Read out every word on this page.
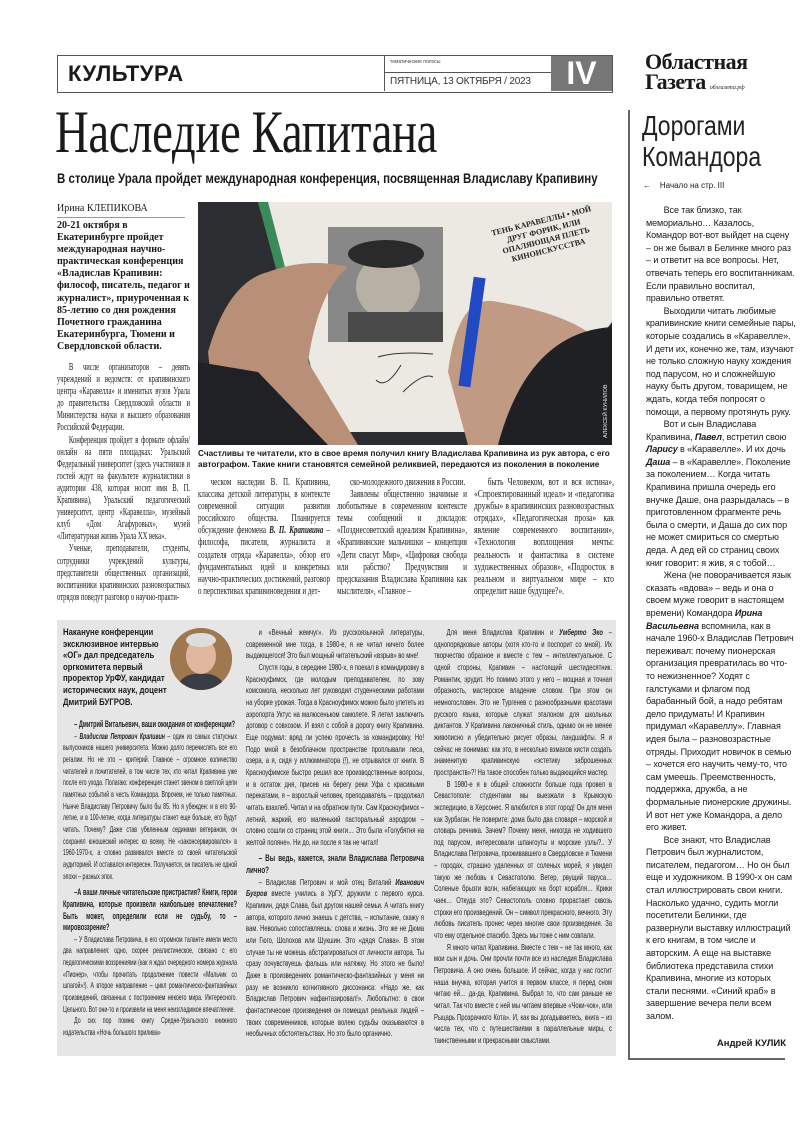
КУЛЬТУРА	тематические полосы
ПЯТНИЦА, 13 ОКТЯБРЯ / 2023	IV	Областная
Газета облгазета.рф
Наследие Капитана
В столице Урала пройдет международная конференция, посвященная Владиславу Крапивину
Ирина КЛЕПИКОВА
20-21 октября в Екатеринбурге пройдет международная научно-практическая конференция «Владислав Крапивин: философ, писатель, педагог и журналист», приуроченная к 85-летию со дня рождения Почетного гражданина Екатеринбурга, Тюмени и Свердловской области.

В числе организаторов – девять учреждений и ведомств: от крапивинского центра «Каравелла» и именитых вузов Урала до правительства Свердловской области и Министерства науки и высшего образования Российской Федерации.

Конференция пройдет в формате офлайн/онлайн на пяти площадках: Уральский Федеральный университет (здесь участников и гостей ждут на факультете журналистики в аудитории 438, которая носит имя В. П. Крапивина), Уральский педагогический университет, центр «Каравелла», музейный клуб «Дом Агафуровых», музей «Литературная жизнь Урала XX века».

Ученые, преподаватели, студенты, сотрудники учреждений культуры, представители общественных организаций, воспитанники крапивинских разновозрастных отрядов поведут разговор о научно-практи-

ТЕНЬ КАРАВЕЛЛЫ • МОЙ ДРУГ ФОРИК, ИЛИ ОПАЛЯЮЩАЯ ПЛЕТЬ КИНОИСКУССТВА
АЛЕКСЕЙ КУНИЛОВ
Счастливы те читатели, кто в свое время получил книгу Владислава Крапивина из рук автора, с его автографом. Такие книги становятся семейной реликвией, передаются из поколения в поколение

ческом наследии В. П. Крапивина, классика детской литературы, в контексте современной ситуации развития российского общества. Планируется обсуждение феномена В. П. Крапивина – философа, писателя, журналиста и создателя отряда «Каравелла», обзор его фундаментальных идей и конкретных научно-практических достижений, разговор о перспективах крапивиноведения и дет-

ско-молодежного движения в России.

Заявлены общественно значимые и любопытные в современном контексте темы сообщений и докладов: «Позднесоветский идеализм Крапивина», «Крапивинские мальчишки – концепция «Дети спасут Мир», «Цифровая свобода или рабство? Предчувствия и предсказания Владислава Крапивина как мыслителя», «Главное –

быть Человеком, вот и вся истина», «Спроектированный идеал» и «педагогика дружбы» в крапивинских разновозрастных отрядах», «Педагогическая проза» как явление современного воспитания», «Технология воплощения мечты: реальность и фантастика в системе художественных образов», «Подросток в реальном и виртуальном мире – кто определит наше будущее?».

Накануне конференции эксклюзивное интервью «ОГ» дал председатель оргкомитета первый проректор УрФУ, кандидат исторических наук, доцент Дмитрий БУГРОВ.

– Дмитрий Витальевич, ваши ожидания от конференции?

– Владислав Петрович Крапивин – один из самых статусных выпускников нашего университета. Можно долго перечислять все его регалии. Но не это – критерий. Главное – огромное количество читателей и почитателей, в том числе тех, кто читал Крапивина уже после его ухода. Полагаю: конференция станет звеном в светлой цепи памятных событий в честь Командора. Впрочем, не только памятных. Нынче Владиславу Петровичу было бы 85. Но я убежден: и в его 90-летие, и в 100-летие, когда литературы станет еще больше, его будут читать. Почему? Даже став убеленным сединами ветераном, он сохранял юношеский интерес ко всему. Не «законсервировался» в 1960-1970-х, а словно развивался вместе со своей читательской аудиторией. И оставался интересен. Получается, он писатель не одной эпохи – разных эпох.

–А ваши личные читательские пристрастия? Книги, герои Крапивина, которые произвели наибольшее впечатление? Быть может, определили если не судьбу, то – мировоззрение?

– У Владислава Петровича, в его огромном таланте имели место два направления: одно, скорее реалистическое, связано с его педагогическими воззрениями (как я ждал очередного номера журнала «Пионер», чтобы прочитать продолжение повести «Мальчик со шпагой»!). А второе направление – цикл романтическо-фантазийных произведений, связанных с построением некоего мира. Интересного. Цельного. Вот они-то и произвели на меня неизгладимое впечатление.

До сих пор помню книгу Средне-Уральского книжного издательства «Ночь большого прилива»

и «Вечный жемчуг». Из русскоязычной литературы, современной мне тогда, в 1980-е, я не читал ничего более выдающегося! Это был мощный читательский «взрыв» во мне!

Спустя годы, в середине 1980-х, я поехал в командировку в Красноуфимск, где молодым преподавателем, по зову комсомола, несколько лет руководил студенческими работами на уборке урожая. Тогда в Красноуфимск можно было улететь из аэропорта Уктус на малюсеньком самолете. Я летел заключить договор с совхозом. И взял с собой в дорогу книгу Крапивина. Еще подумал: вряд ли успею прочесть за командировку. Но! Подо мной в безоблачном пространстве проплывали леса, озера, а я, сидя у иллюминатора (!), не отрывался от книги. В Красноуфимске быстро решил все производственные вопросы, и в остаток дня, присев на берегу реки Уфа с красивыми перекатами, я – взрослый человек, преподаватель – продолжал читать взахлеб. Читал и на обратном пути. Сам Красноуфимск – летний, жаркий, его маленький пасторальный аэродром – словно сошли со страниц этой книги… Это была «Голубятня на желтой поляне». Ни до, ни после я так не читал!

– Вы ведь, кажется, знали Владислава Петровича лично?

– Владислав Петрович и мой отец Виталий Иванович Бугров вместе учились в УрГУ, дружили с первого курса. Крапивин, дядя Слава, был другом нашей семьи. А читать книгу автора, которого лично знаешь с детства, – испытание, скажу я вам. Невольно сопоставляешь: слова и жизнь. Это же не Дюма или Гюго, Шолохов или Шукшин. Это «дядя Слава». В этом случае ты не можешь абстрагироваться от личности автора. Ты сразу почувствуешь фальшь или натяжку. Но этого не было! Даже в произведениях романтическо-фантазийных у меня ни разу не возникло когнитивного диссонанса: «Надо же, как Владислав Петрович нафантазировал!». Любопытно: в свои фантастические произведения он помещал реальных людей – твоих современников, которые волею судьбы оказываются в необычных обстоятельствах. Но это было органично.

Для меня Владислав Крапивин и Умберто Эко – однопорядковые авторы (хотя кто-то и поспорит со мной). Их творчество образное и вместе с тем – интеллектуальное. С одной стороны, Крапивин – настоящий шестидесятник. Романтик, эрудит. Но помимо этого у него – мощная и точная образность, мастерское владение словом. При этом он немногословен. Это не Тургенев с разнообразными красотами русского языка, которые служат эталоном для школьных диктантов. У Крапивина лаконичный стиль, однако он не менее живописно и убедительно рисует образы, ландшафты. Я и сейчас не понимаю: как это, в несколько взмахов кисти создать знаменитую крапивинскую «эстетику заброшенных пространств»?! На такое способен только выдающийся мастер.

В 1980-е я в общей сложности больше года провел в Севастополе: студентами мы выезжали в Крымскую экспедицию, в Херсонес. Я влюбился в этот город! Он для меня как Зурбаган. Не поверите: дома было два словаря – морской и словарь речника. Зачем? Почему меня, никогда не ходившего под парусом, интересовали шпангоуты и морские узлы?.. У Владислава Петровича, проживавшего в Свердловске и Тюмени – городах, страшно удаленных от соленых морей, я увидел такую же любовь к Севастополю. Ветер, рвущий паруса… Соленые брызги волн, набегающих на борт корабля… Крики чаек… Откуда это? Севастополь словно прорастает сквозь строки его произведений. Он – символ прекрасного, вечного. Эту любовь писатель пронес через многие свои произведения. За что ему отдельное спасибо. Здесь мы тоже с ним совпали.

Я много читал Крапивина. Вместе с тем – не так много, как мои сын и дочь. Они прочли почти все из наследия Владислава Петровича. А оно очень большое. И сейчас, когда у нас гостит наша внучка, которая учится в первом классе, я перед сном читаю ей… да-да, Крапивина. Выбрал то, что сам раньше не читал. Так что вместе с ней мы читаем впервые «Чоки-чок», или Рыцарь Прозрачного Кота». И, как вы догадываетесь, книга – из числа тех, что с путешествиями в параллельные миры, с таинственными и прекрасными смыслами.

Дорогами
Командора
← Начало на стр. III

Все так близко, так мемориально… Казалось, Командор вот-вот выйдет на сцену – он же бывал в Белинке много раз – и ответит на все вопросы. Нет, отвечать теперь его воспитанникам. Если правильно воспитал, правильно ответят.

Выходили читать любимые крапивинские книги семейные пары, которые создались в «Каравелле». И дети их, конечно же, там, изучают не только сложную науку хождения под парусом, но и сложнейшую науку быть другом, товарищем, не ждать, когда тебя попросят о помощи, а первому протянуть руку.

Вот и сын Владислава Крапивина, Павел, встретил свою Ларису в «Каравелле». И их дочь Даша – в «Каравелле». Поколение за поколением… Когда читать Крапивина пришла очередь его внучке Даше, она разрыдалась – в приготовленном фрагменте речь была о смерти, и Даша до сих пор не может смириться со смертью деда. А дед ей со страниц своих книг говорит: я жив, я с тобой…

Жена (не поворачивается язык сказать «вдова» – ведь и она о своем муже говорит в настоящем времени) Командора Ирина Васильевна вспомнила, как в начале 1960-х Владислав Петрович переживал: почему пионерская организация превратилась во что-то нежизненное? Ходят с галстуками и флагом под барабанный бой, а надо ребятам дело придумать! И Крапивин придумал «Каравеллу». Главная идея была – разновозрастные отряды. Приходит новичок в семью – хочется его научить чему-то, что сам умеешь. Преемственность, поддержка, дружба, а не формальные пионерские дружины. И вот нет уже Командора, а дело его живет.

Все знают, что Владислав Петрович был журналистом, писателем, педагогом… Но он был еще и художником. В 1990-х он сам стал иллюстрировать свои книги. Насколько удачно, судить могли посетители Белинки, где развернули выставку иллюстраций к его книгам, в том числе и авторским. А еще на выставке библиотека представила стихи Крапивина, многие из которых стали песнями. «Синий краб» в завершение вечера пели всем залом.

Андрей КУЛИК
